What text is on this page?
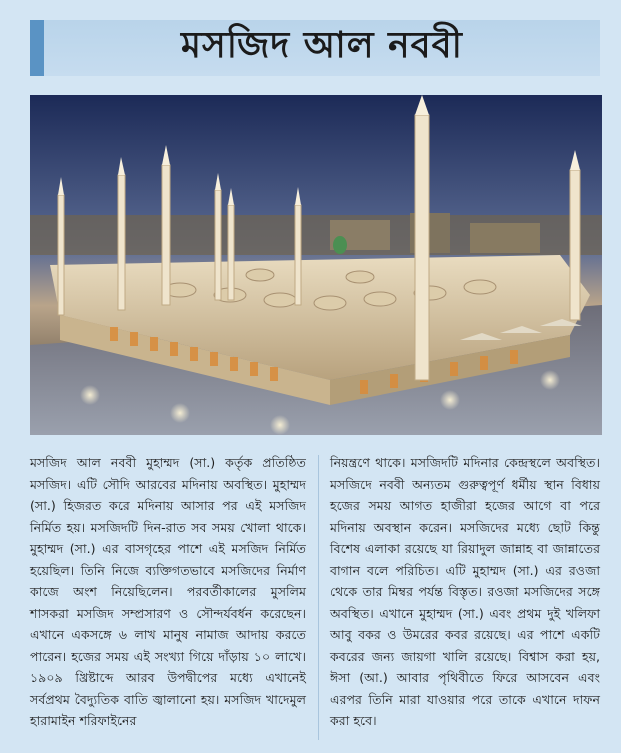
মসজিদ আল নববী
মসজিদ আল নববী মুহাম্মদ (সা.) কর্তৃক প্রতিষ্ঠিত মসজিদ। এটি সৌদি আরবের মদিনায় অবস্থিত। মুহাম্মদ (সা.) হিজরত করে মদিনায় আসার পর এই মসজিদ নির্মিত হয়। মসজিদটি দিন-রাত সব সময় খোলা থাকে। মুহাম্মদ (সা.) এর বাসগৃহের পাশে এই মসজিদ নির্মিত হয়েছিল। তিনি নিজে ব্যক্তিগতভাবে মসজিদের নির্মাণ কাজে অংশ নিয়েছিলেন। পরবর্তীকালের মুসলিম শাসকরা মসজিদ সম্প্রসারণ ও সৌন্দর্যবর্ধন করেছেন। এখানে একসঙ্গে ৬ লাখ মানুষ নামাজ আদায় করতে পারেন। হজের সময় এই সংখ্যা গিয়ে দাঁড়ায় ১০ লাখে। ১৯০৯ খ্রিষ্টাব্দে আরব উপদ্বীপের মধ্যে এখানেই সর্বপ্রথম বৈদ্যুতিক বাতি জ্বালানো হয়। মসজিদ খাদেমুল হারামাইন শরিফাইনের
নিয়ন্ত্রণে থাকে। মসজিদটি মদিনার কেন্দ্রস্থলে অবস্থিত। মসজিদে নববী অন্যতম গুরুত্বপূর্ণ ধর্মীয় স্থান বিধায় হজের সময় আগত হাজীরা হজের আগে বা পরে মদিনায় অবস্থান করেন। মসজিদের মধ্যে ছোট কিন্তু বিশেষ এলাকা রয়েছে যা রিয়াদুল জান্নাহ বা জান্নাতের বাগান বলে পরিচিত। এটি মুহাম্মদ (সা.) এর রওজা থেকে তার মিম্বর পর্যন্ত বিস্তৃত। রওজা মসজিদের সঙ্গে অবস্থিত। এখানে মুহাম্মদ (সা.) এবং প্রথম দুই খলিফা আবু বকর ও উমরের কবর রয়েছে। এর পাশে একটি কবরের জন্য জায়গা খালি রয়েছে। বিশ্বাস করা হয়, ঈসা (আ.) আবার পৃথিবীতে ফিরে আসবেন এবং এরপর তিনি মারা যাওয়ার পরে তাকে এখানে দাফন করা হবে।
